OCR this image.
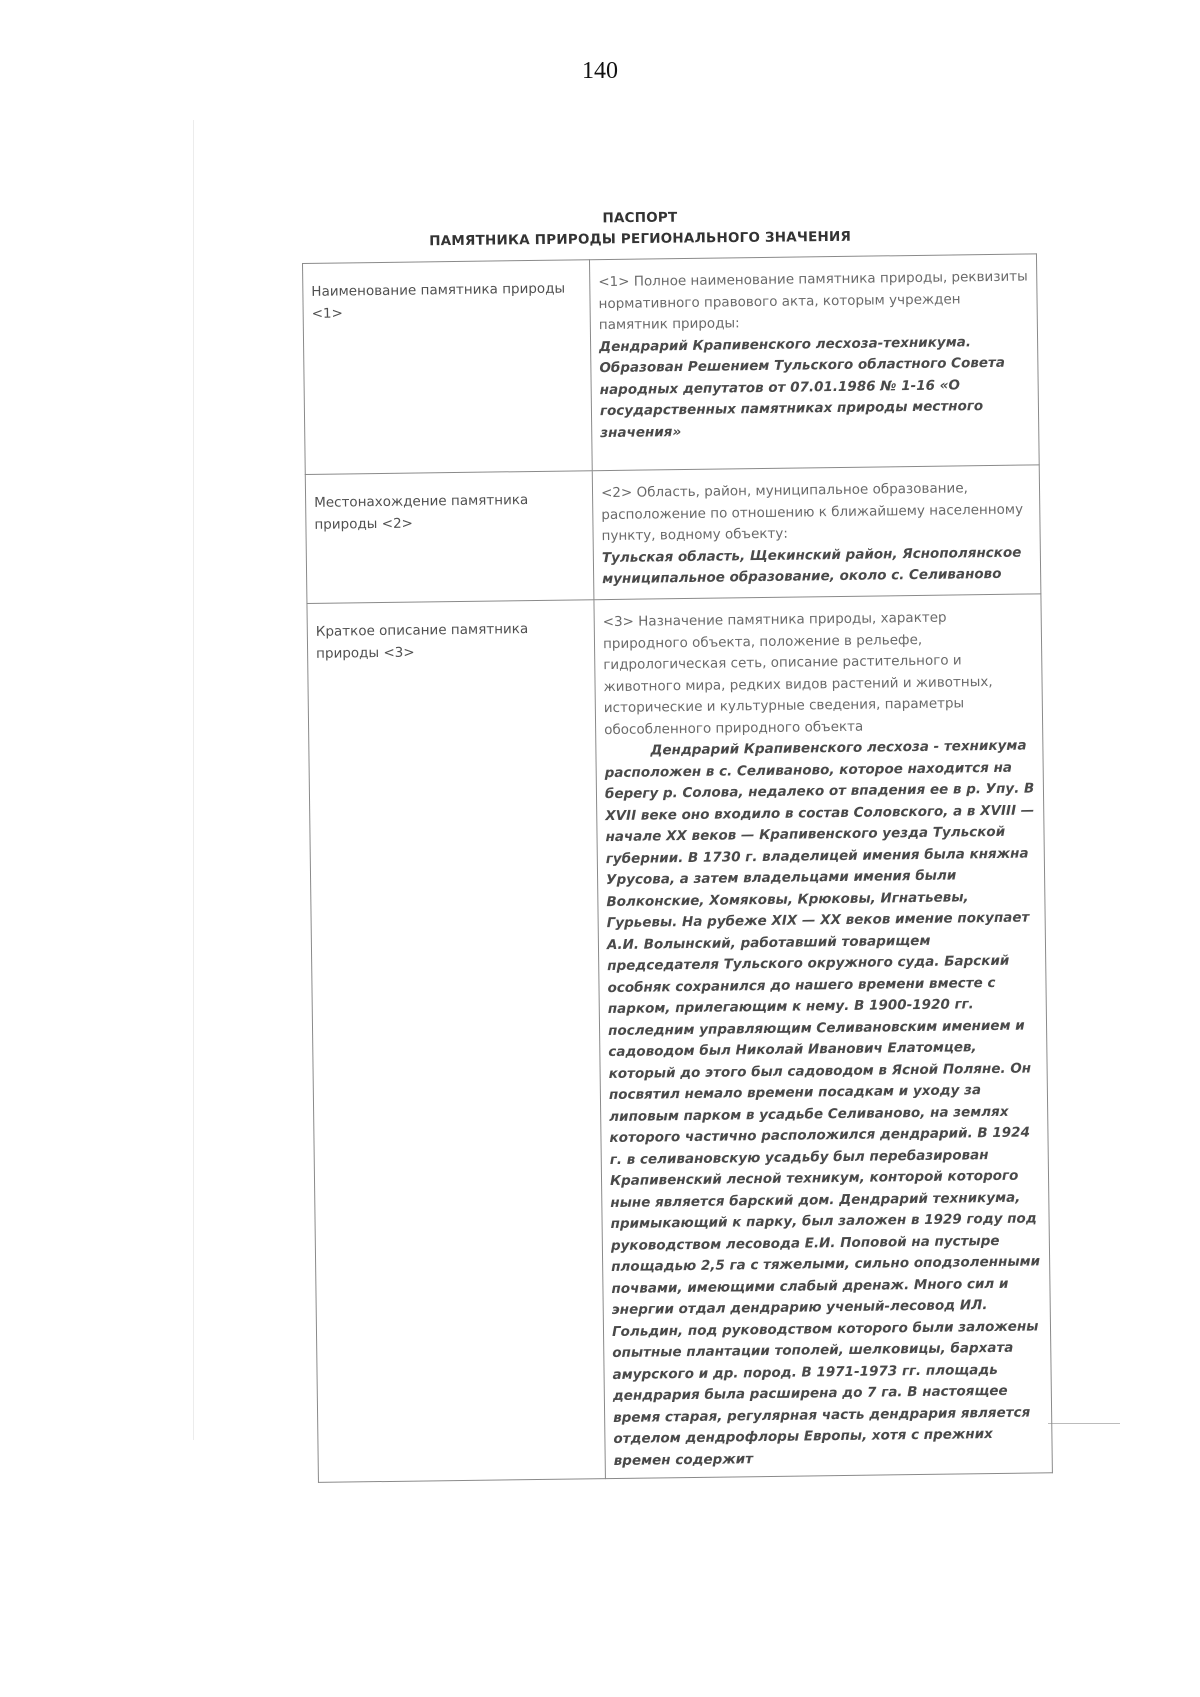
140
ПАСПОРТ
ПАМЯТНИКА ПРИРОДЫ РЕГИОНАЛЬНОГО ЗНАЧЕНИЯ
Наименование памятника природы <1>	<1> Полное наименование памятника природы, реквизиты нормативного правового акта, которым учрежден памятник природы:
Дендрарий Крапивенского лесхоза-техникума. Образован Решением Тульского областного Совета народных депутатов от 07.01.1986 № 1-16 «О государственных памятниках природы местного значения»

Местонахождение памятника природы <2>	<2> Область, район, муниципальное образование, расположение по отношению к ближайшему населенному пункту, водному объекту:
Тульская область, Щекинский район, Яснополянское муниципальное образование, около с. Селиваново

Краткое описание памятника природы <3>	<3> Назначение памятника природы, характер природного объекта, положение в рельефе, гидрологическая сеть, описание растительного и животного мира, редких видов растений и животных, исторические и культурные сведения, параметры обособленного природного объекта
Дендрарий Крапивенского лесхоза - техникума расположен в с. Селиваново, которое находится на берегу р. Солова, недалеко от впадения ее в р. Упу. В XVII веке оно входило в состав Соловского, а в XVIII — начале XX веков — Крапивенского уезда Тульской губернии. В 1730 г. владелицей имения была княжна Урусова, а затем владельцами имения были Волконские, Хомяковы, Крюковы, Игнатьевы, Гурьевы. На рубеже XIX — XX веков имение покупает А.И. Волынский, работавший товарищем председателя Тульского окружного суда. Барский особняк сохранился до нашего времени вместе с парком, прилегающим к нему. В 1900-1920 гг. последним управляющим Селивановским имением и садоводом был Николай Иванович Елатомцев, который до этого был садоводом в Ясной Поляне. Он посвятил немало времени посадкам и уходу за липовым парком в усадьбе Селиваново, на землях которого частично расположился дендрарий. В 1924 г. в селивановскую усадьбу был перебазирован Крапивенский лесной техникум, конторой которого ныне является барский дом. Дендрарий техникума, примыкающий к парку, был заложен в 1929 году под руководством лесовода Е.И. Поповой на пустыре площадью 2,5 га с тяжелыми, сильно оподзоленными почвами, имеющими слабый дренаж. Много сил и энергии отдал дендрарию ученый-лесовод ИЛ. Гольдин, под руководством которого были заложены опытные плантации тополей, шелковицы, бархата амурского и др. пород. В 1971-1973 гг. площадь дендрария была расширена до 7 га. В настоящее время старая, регулярная часть дендрария является отделом дендрофлоры Европы, хотя с прежних времен содержит
